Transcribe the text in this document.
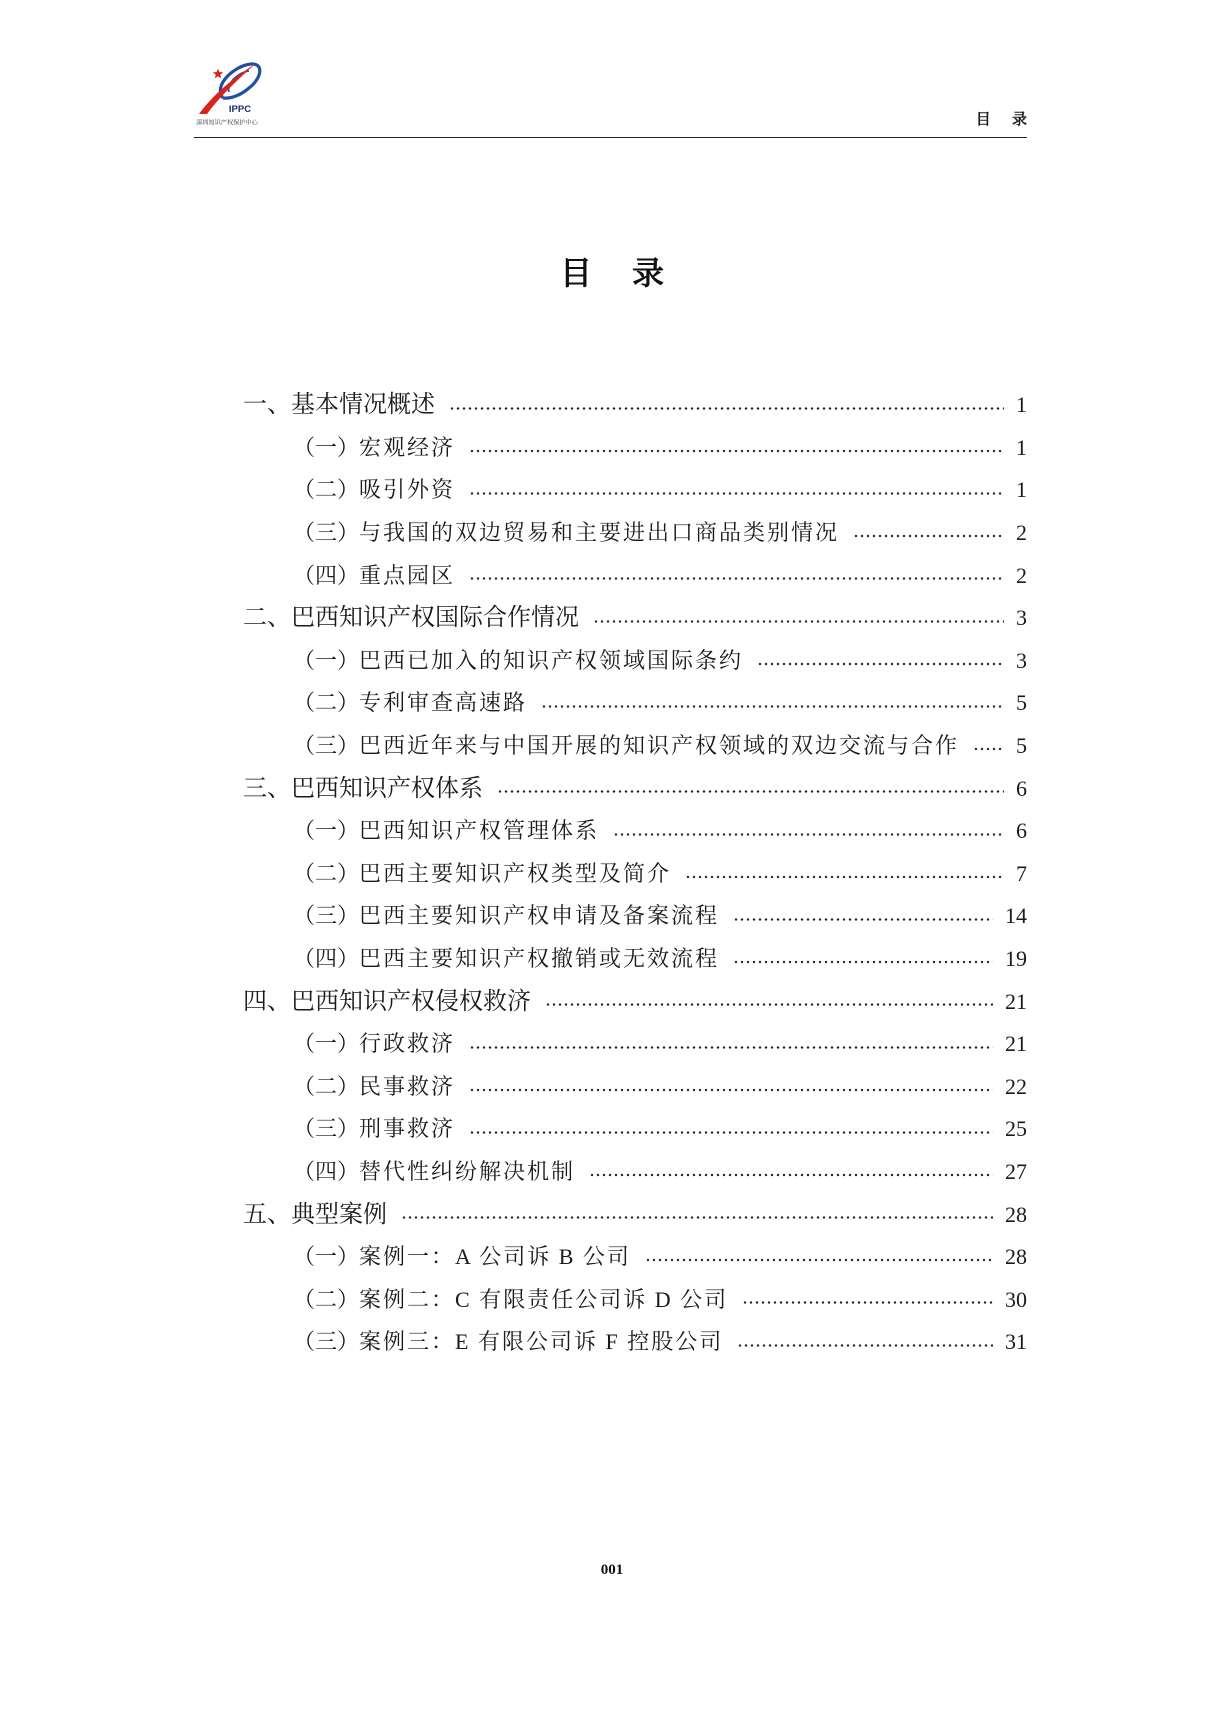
IPPC
深圳知识产权保护中心	目 录
目 录
一、基本情况概述	1
（一） 宏观经济	1
（二） 吸引外资	1
（三） 与我国的双边贸易和主要进出口商品类别情况	2
（四） 重点园区	2
二、巴西知识产权国际合作情况	3
（一） 巴西已加入的知识产权领域国际条约	3
（二） 专利审查高速路	5
（三） 巴西近年来与中国开展的知识产权领域的双边交流与合作	5
三、巴西知识产权体系	6
（一） 巴西知识产权管理体系	6
（二） 巴西主要知识产权类型及简介	7
（三） 巴西主要知识产权申请及备案流程	14
（四） 巴西主要知识产权撤销或无效流程	19
四、巴西知识产权侵权救济	21
（一） 行政救济	21
（二） 民事救济	22
（三） 刑事救济	25
（四） 替代性纠纷解决机制	27
五、典型案例	28
（一） 案例一：A 公司诉 B 公司	28
（二） 案例二：C 有限责任公司诉 D 公司	30
（三） 案例三：E 有限公司诉 F 控股公司	31
001
